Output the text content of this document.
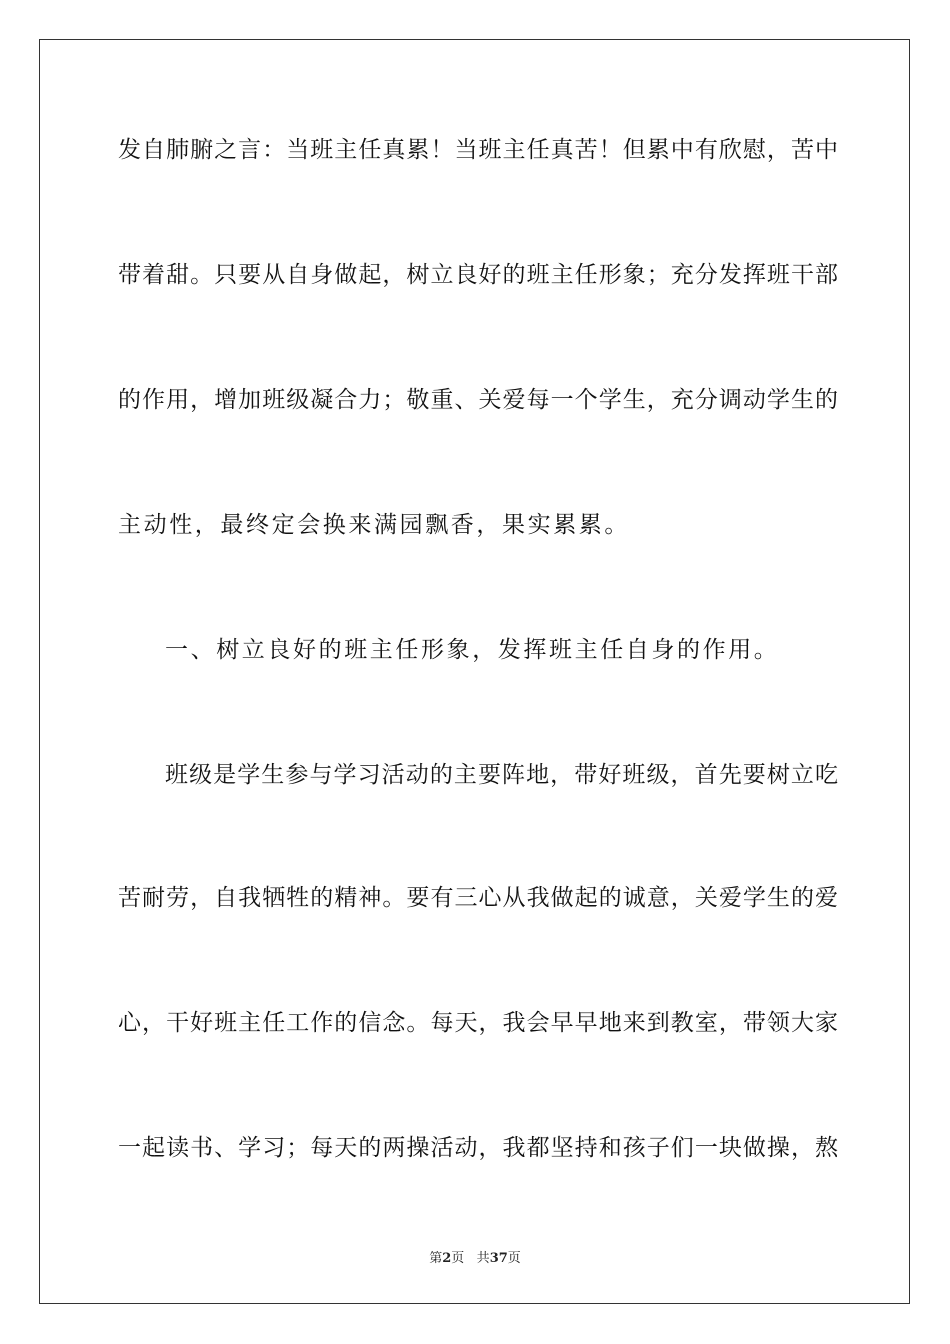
发自肺腑之言：当班主任真累！当班主任真苦！但累中有欣慰，苦中
带着甜。只要从自身做起，树立良好的班主任形象；充分发挥班干部
的作用，增加班级凝合力；敬重、关爱每一个学生，充分调动学生的
主动性，最终定会换来满园飘香，果实累累。
一、树立良好的班主任形象，发挥班主任自身的作用。
班级是学生参与学习活动的主要阵地，带好班级，首先要树立吃
苦耐劳，自我牺牲的精神。要有三心从我做起的诚意，关爱学生的爱
心，干好班主任工作的信念。每天，我会早早地来到教室，带领大家
一起读书、学习；每天的两操活动，我都坚持和孩子们一块做操，熬
第2页 共37页
